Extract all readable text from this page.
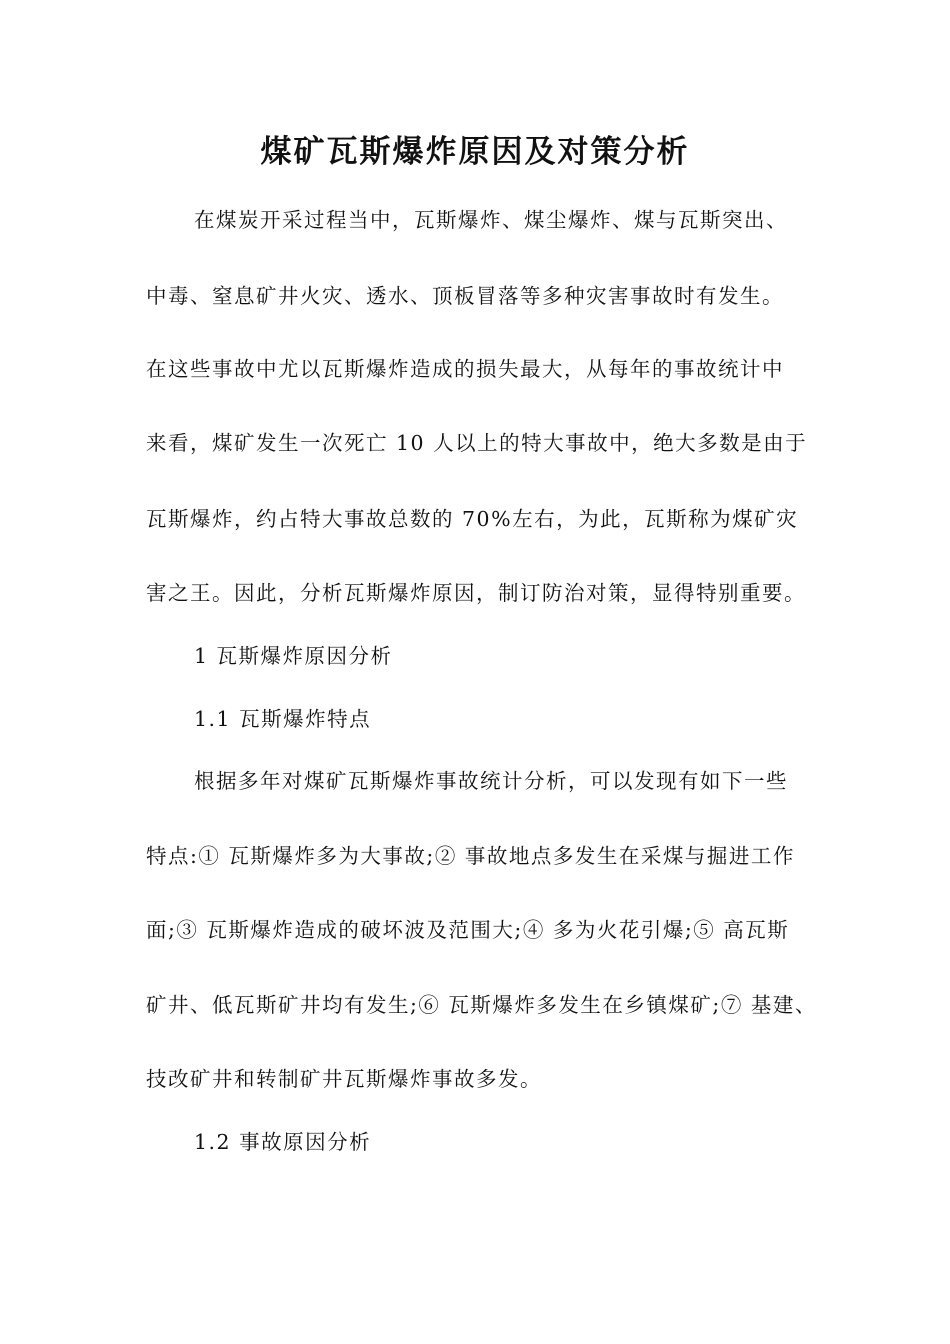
煤矿瓦斯爆炸原因及对策分析
在煤炭开采过程当中，瓦斯爆炸、煤尘爆炸、煤与瓦斯突出、
中毒、窒息矿井火灾、透水、顶板冒落等多种灾害事故时有发生。
在这些事故中尤以瓦斯爆炸造成的损失最大，从每年的事故统计中
来看，煤矿发生一次死亡 10 人以上的特大事故中，绝大多数是由于
瓦斯爆炸，约占特大事故总数的 70%左右，为此，瓦斯称为煤矿灾
害之王。因此，分析瓦斯爆炸原因，制订防治对策，显得特别重要。
1 瓦斯爆炸原因分析
1.1 瓦斯爆炸特点
根据多年对煤矿瓦斯爆炸事故统计分析，可以发现有如下一些
特点:① 瓦斯爆炸多为大事故;② 事故地点多发生在采煤与掘进工作
面;③ 瓦斯爆炸造成的破坏波及范围大;④ 多为火花引爆;⑤ 高瓦斯
矿井、低瓦斯矿井均有发生;⑥ 瓦斯爆炸多发生在乡镇煤矿;⑦ 基建、
技改矿井和转制矿井瓦斯爆炸事故多发。
1.2 事故原因分析
